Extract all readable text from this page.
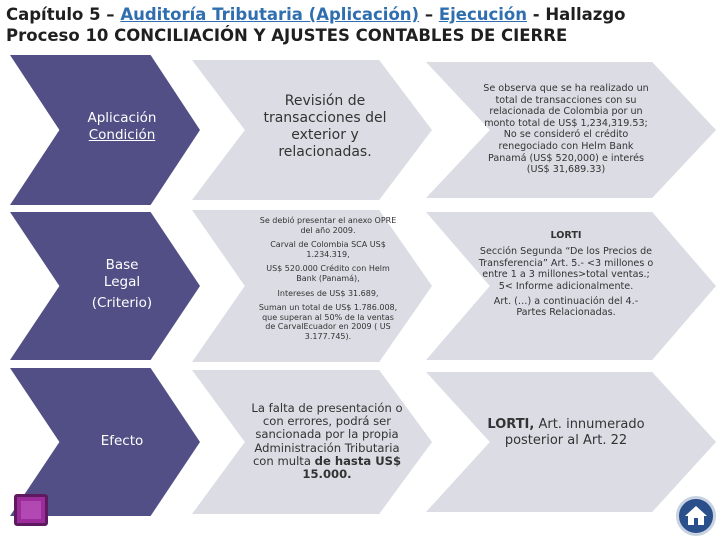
Capítulo 5 – Auditoría Tributaria (Aplicación) – Ejecución - Hallazgo
Proceso 10 CONCILIACIÓN Y AJUSTES CONTABLES DE CIERRE
Aplicación
Condición
Revisión de transacciones del exterior y relacionadas.
Se observa que se ha realizado un total de transacciones con su relacionada de Colombia por un monto total de US$ 1,234,319.53; No se consideró el crédito renegociado con Helm Bank Panamá (US$ 520,000) e interés (US$ 31,689.33)
Base
Legal
(Criterio)

Se debió presentar el anexo OPRE del año 2009.

Carval de Colombia SCA US$ 1.234.319,

US$ 520.000 Crédito con Helm Bank (Panamá),

Intereses de US$ 31.689,

Suman un total de US$ 1.786.008, que superan al 50% de la ventas de CarvalEcuador en 2009 ( US 3.177.745).

LORTI

Sección Segunda “De los Precios de Transferencia” Art. 5.- <3 millones o entre 1 a 3 millones>total ventas.; 5< Informe adicionalmente.

Art. (…) a continuación del 4.- Partes Relacionadas.

Efecto
La falta de presentación o con errores, podrá ser sancionada por la propia Administración Tributaria con multa de hasta US$ 15.000.
LORTI, Art. innumerado posterior al Art. 22
